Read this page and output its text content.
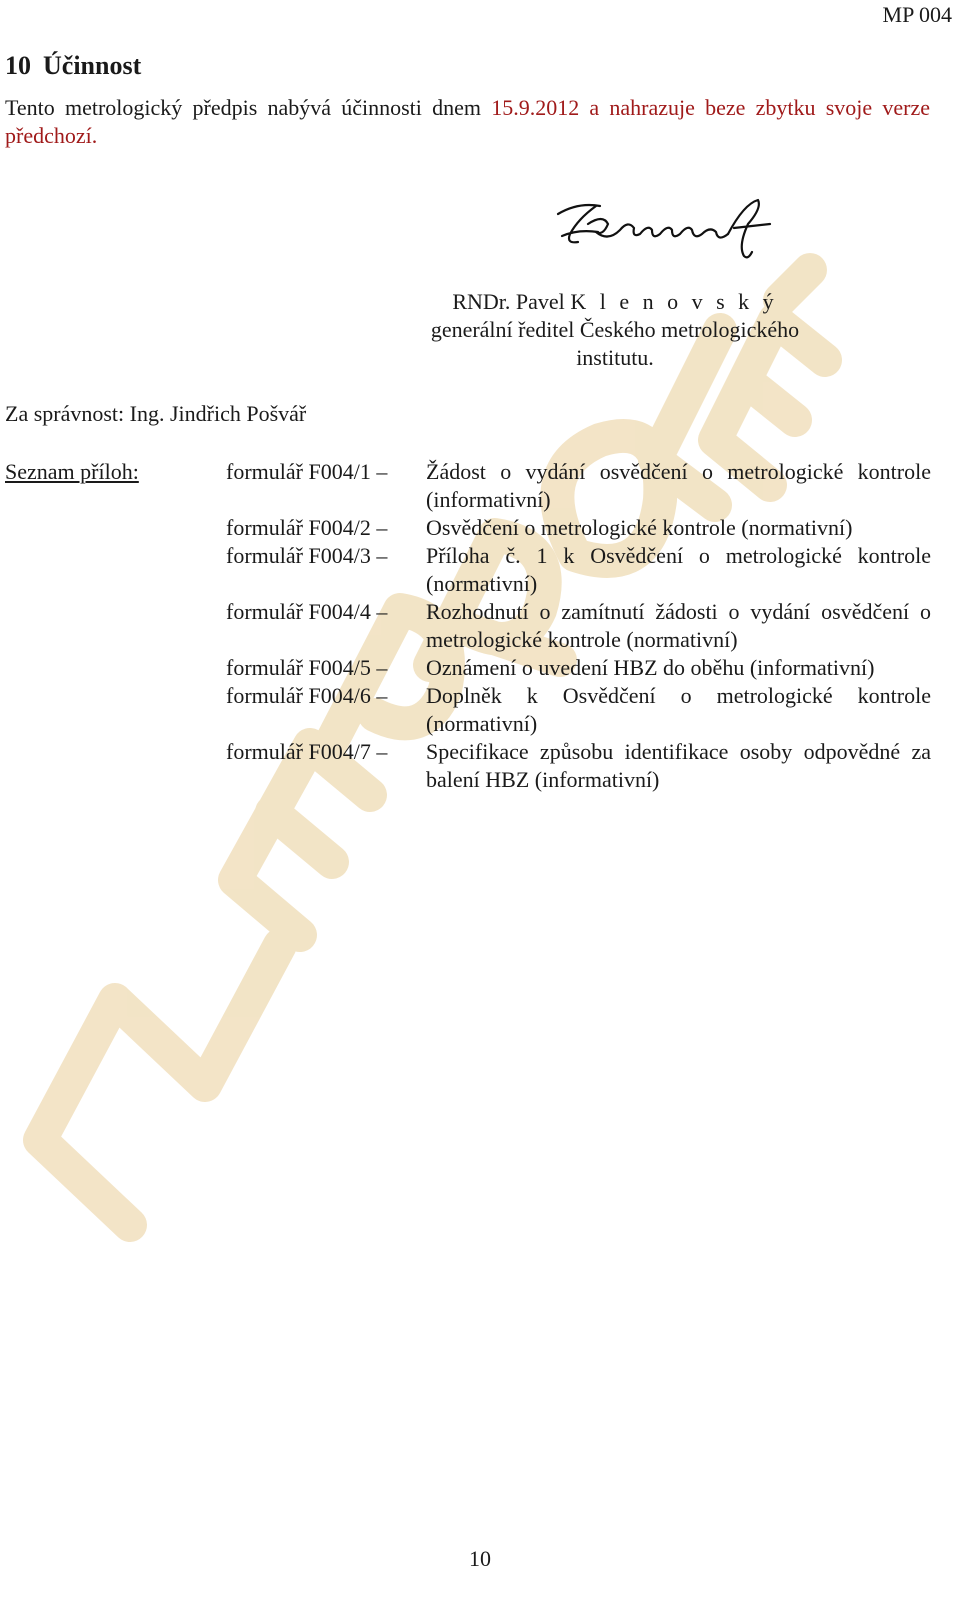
MP 004
10 Účinnost
Tento metrologický předpis nabývá účinnosti dnem 15.9.2012 a nahrazuje beze zbytku svoje verze předchozí.
RNDr. Pavel K l e n o v s k ý
generální ředitel Českého metrologického institutu.
Za správnost: Ing. Jindřich Pošvář
Seznam příloh:	formulář F004/1 –	Žádost o vydání osvědčení o metrologické kontrole (informativní)
formulář F004/2 –	Osvědčení o metrologické kontrole (normativní)
formulář F004/3 –	Příloha č. 1 k Osvědčení o metrologické kontrole (normativní)
formulář F004/4 –	Rozhodnutí o zamítnutí žádosti o vydání osvědčení o metrologické kontrole (normativní)
formulář F004/5 –	Oznámení o uvedení HBZ do oběhu (informativní)
formulář F004/6 –	Doplněk k Osvědčení o metrologické kontrole (normativní)
formulář F004/7 –	Specifikace způsobu identifikace osoby odpovědné za balení HBZ (informativní)
10
